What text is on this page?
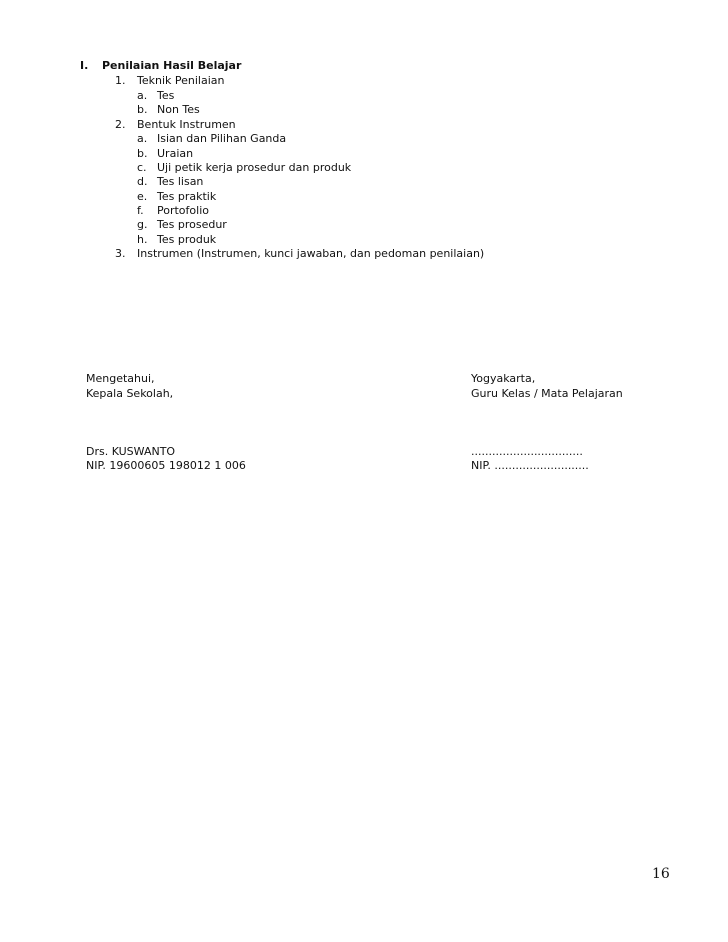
I. Penilaian Hasil Belajar
1. Teknik Penilaian
a. Tes
b. Non Tes
2. Bentuk Instrumen
a. Isian dan Pilihan Ganda
b. Uraian
c. Uji petik kerja prosedur dan produk
d. Tes lisan
e. Tes praktik
f. Portofolio
g. Tes prosedur
h. Tes produk
3. Instrumen (Instrumen, kunci jawaban, dan pedoman penilaian)
Mengetahui,
Kepala Sekolah,
Drs. KUSWANTO
NIP. 19600605 198012 1 006
Yogyakarta,
Guru Kelas / Mata Pelajaran
................................
NIP. ...........................
16
